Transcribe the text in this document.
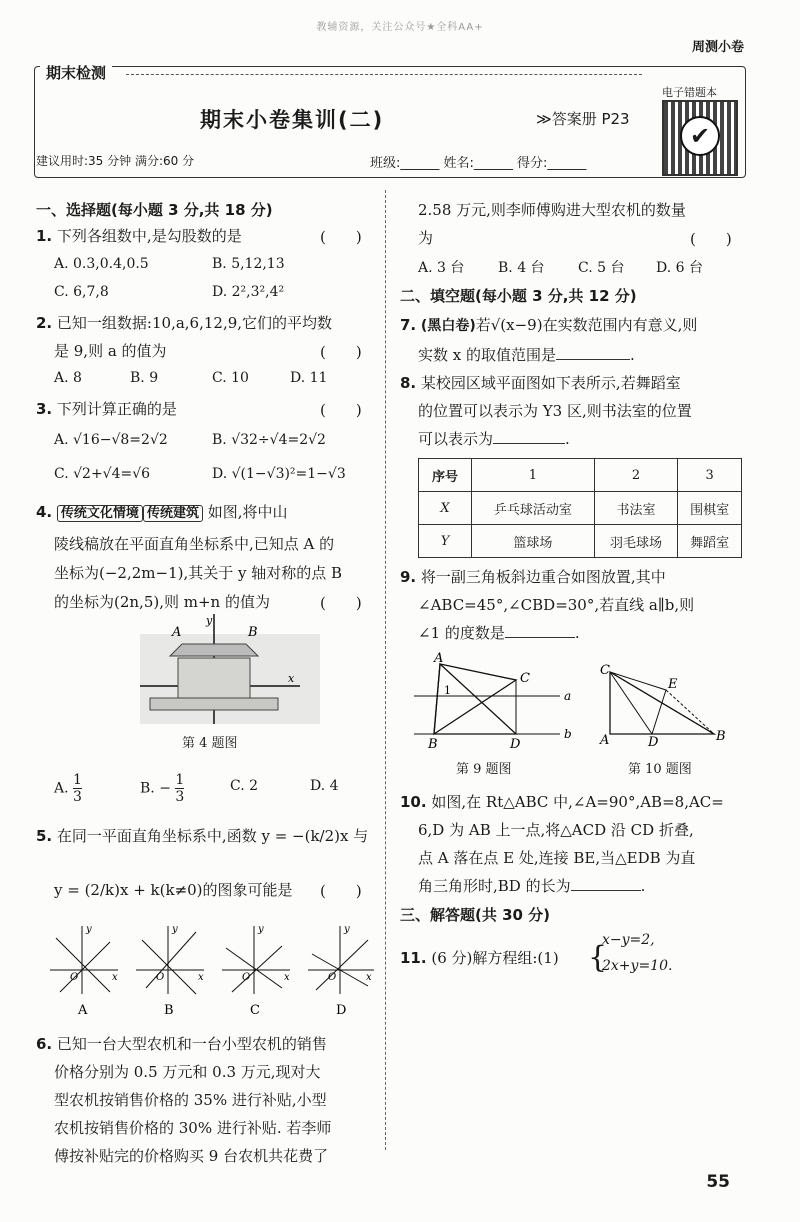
教辅资源，关注公众号★全科AA+
周测小卷
期末检测
期末小卷集训(二)	≫答案册 P23
电子错题本
✔
建议用时:35 分钟 满分:60 分	班级:______ 姓名:______ 得分:______
一、选择题(每小题 3 分,共 18 分)
1. 下列各组数中,是勾股数的是	(　　)
A. 0.3,0.4,0.5	B. 5,12,13
C. 6,7,8	D. 2²,3²,4²
2. 已知一组数据:10,a,6,12,9,它们的平均数
是 9,则 a 的值为	(　　)
A. 8	B. 9	C. 10	D. 11
3. 下列计算正确的是	(　　)
A. √16−√8=2√2	B. √32÷√4=2√2
C. √2+√4=√6	D. √(1−√3)²=1−√3
4. 传统文化情境 传统建筑 如图,将中山
陵线稿放在平面直角坐标系中,已知点 A 的
坐标为(−2,2m−1),其关于 y 轴对称的点 B
的坐标为(2n,5),则 m+n 的值为	(　　)
A	B
y
x
第 4 题图
A. $\frac{1}{3}$	B. − $\frac{1}{3}$	C. 2	D. 4
5. 在同一平面直角坐标系中,函数 y = −(k/2)x 与
y = (2/k)x + k(k≠0)的图象可能是 (　　)
y
x
O
A
y
x
O
B
y
x
O
C
y
x
O
D
6. 已知一台大型农机和一台小型农机的销售
价格分别为 0.5 万元和 0.3 万元,现对大
型农机按销售价格的 35% 进行补贴,小型
农机按销售价格的 30% 进行补贴. 若李师
傅按补贴完的价格购买 9 台农机共花费了
2.58 万元,则李师傅购进大型农机的数量
为	(　　)
A. 3 台 B. 4 台 C. 5 台 D. 6 台
二、填空题(每小题 3 分,共 12 分)
7. (黑白卷)若√(x−9)在实数范围内有意义,则
实数 x 的取值范围是	.
8. 某校园区域平面图如下表所示,若舞蹈室
的位置可以表示为 Y3 区,则书法室的位置
可以表示为	.
序号	1	2	3
X	乒乓球活动室	书法室	围棋室
Y	篮球场	羽毛球场	舞蹈室
9. 将一副三角板斜边重合如图放置,其中
∠ABC=45°,∠CBD=30°,若直线 a∥b,则
∠1 的度数是	.
A
C
B	D
a
b
1
第 9 题图
C
E
A	D	B
第 10 题图
10. 如图,在 Rt△ABC 中,∠A=90°,AB=8,AC=
6,D 为 AB 上一点,将△ACD 沿 CD 折叠,
点 A 落在点 E 处,连接 BE,当△EDB 为直
角三角形时,BD 的长为	.
三、解答题(共 30 分)
11. (6 分)解方程组:(1) {
x−y=2,
2x+y=10.
55
